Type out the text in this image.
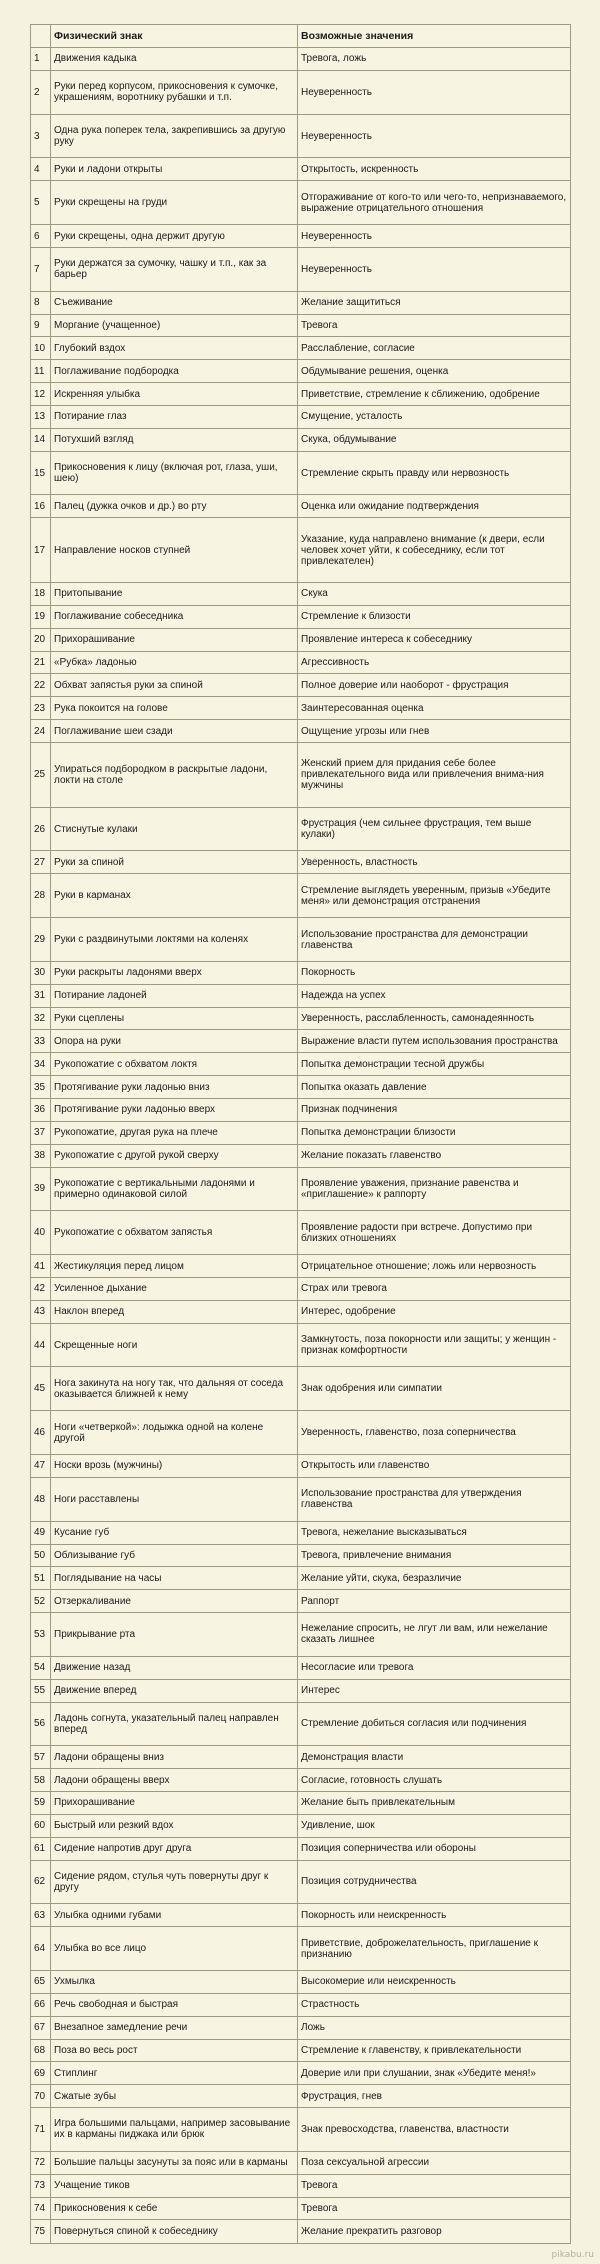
	Физический знак	Возможные значения
1	Движения кадыка	Тревога, ложь
2	Руки перед корпусом, прикосновения к сумочке, украшениям, воротнику рубашки и т.п.	Неуверенность
3	Одна рука поперек тела, закрепившись за другую руку	Неуверенность
4	Руки и ладони открыты	Открытость, искренность
5	Руки скрещены на груди	Отгораживание от кого-то или чего-то, непризнаваемого, выражение отрицательного отношения
6	Руки скрещены, одна держит другую	Неуверенность
7	Руки держатся за сумочку, чашку и т.п., как за барьер	Неуверенность
8	Съеживание	Желание защититься
9	Моргание (учащенное)	Тревога
10	Глубокий вздох	Расслабление, согласие
11	Поглаживание подбородка	Обдумывание решения, оценка
12	Искренняя улыбка	Приветствие, стремление к сближению, одобрение
13	Потирание глаз	Смущение, усталость
14	Потухший взгляд	Скука, обдумывание
15	Прикосновения к лицу (включая рот, глаза, уши, шею)	Стремление скрыть правду или нервозность
16	Палец (дужка очков и др.) во рту	Оценка или ожидание подтверждения
17	Направление носков ступней	Указание, куда направлено внимание (к двери, если человек хочет уйти, к собеседнику, если тот привлекателен)
18	Притопывание	Скука
19	Поглаживание собеседника	Стремление к близости
20	Прихорашивание	Проявление интереса к собеседнику
21	«Рубка» ладонью	Агрессивность
22	Обхват запястья руки за спиной	Полное доверие или наоборот - фрустрация
23	Рука покоится на голове	Заинтересованная оценка
24	Поглаживание шеи сзади	Ощущение угрозы или гнев
25	Упираться подбородком в раскрытые ладони, локти на столе	Женский прием для придания себе более привлекательного вида или привлечения внима-ния мужчины
26	Стиснутые кулаки	Фрустрация (чем сильнее фрустрация, тем выше кулаки)
27	Руки за спиной	Уверенность, властность
28	Руки в карманах	Стремление выглядеть уверенным, призыв «Убедите меня» или демонстрация отстранения
29	Руки с раздвинутыми локтями на коленях	Использование пространства для демонстрации главенства
30	Руки раскрыты ладонями вверх	Покорность
31	Потирание ладоней	Надежда на успех
32	Руки сцеплены	Уверенность, расслабленность, самонадеянность
33	Опора на руки	Выражение власти путем использования пространства
34	Рукопожатие с обхватом локтя	Попытка демонстрации тесной дружбы
35	Протягивание руки ладонью вниз	Попытка оказать давление
36	Протягивание руки ладонью вверх	Признак подчинения
37	Рукопожатие, другая рука на плече	Попытка демонстрации близости
38	Рукопожатие с другой рукой сверху	Желание показать главенство
39	Рукопожатие с вертикальными ладонями и примерно одинаковой силой	Проявление уважения, признание равенства и «приглашение» к раппорту
40	Рукопожатие с обхватом запястья	Проявление радости при встрече. Допустимо при близких отношениях
41	Жестикуляция перед лицом	Отрицательное отношение; ложь или нервозность
42	Усиленное дыхание	Страх или тревога
43	Наклон вперед	Интерес, одобрение
44	Скрещенные ноги	Замкнутость, поза покорности или защиты; у женщин - признак комфортности
45	Нога закинута на ногу так, что дальняя от соседа оказывается ближней к нему	Знак одобрения или симпатии
46	Ноги «четверкой»: лодыжка одной на колене другой	Уверенность, главенство, поза соперничества
47	Носки врозь (мужчины)	Открытость или главенство
48	Ноги расставлены	Использование пространства для утверждения главенства
49	Кусание губ	Тревога, нежелание высказываться
50	Облизывание губ	Тревога, привлечение внимания
51	Поглядывание на часы	Желание уйти, скука, безразличие
52	Отзеркаливание	Раппорт
53	Прикрывание рта	Нежелание спросить, не лгут ли вам, или нежелание сказать лишнее
54	Движение назад	Несогласие или тревога
55	Движение вперед	Интерес
56	Ладонь согнута, указательный палец направлен вперед	Стремление добиться согласия или подчинения
57	Ладони обращены вниз	Демонстрация власти
58	Ладони обращены вверх	Согласие, готовность слушать
59	Прихорашивание	Желание быть привлекательным
60	Быстрый или резкий вдох	Удивление, шок
61	Сидение напротив друг друга	Позиция соперничества или обороны
62	Сидение рядом, стулья чуть повернуты друг к другу	Позиция сотрудничества
63	Улыбка одними губами	Покорность или неискренность
64	Улыбка во все лицо	Приветствие, доброжелательность, приглашение к признанию
65	Ухмылка	Высокомерие или неискренность
66	Речь свободная и быстрая	Страстность
67	Внезапное замедление речи	Ложь
68	Поза во весь рост	Стремление к главенству, к привлекательности
69	Стиплинг	Доверие или при слушании, знак «Убедите меня!»
70	Сжатые зубы	Фрустрация, гнев
71	Игра большими пальцами, например засовывание их в карманы пиджака или брюк	Знак превосходства, главенства, властности
72	Большие пальцы засунуты за пояс или в карманы	Поза сексуальной агрессии
73	Учащение тиков	Тревога
74	Прикосновения к себе	Тревога
75	Повернуться спиной к собеседнику	Желание прекратить разговор
pikabu.ru
